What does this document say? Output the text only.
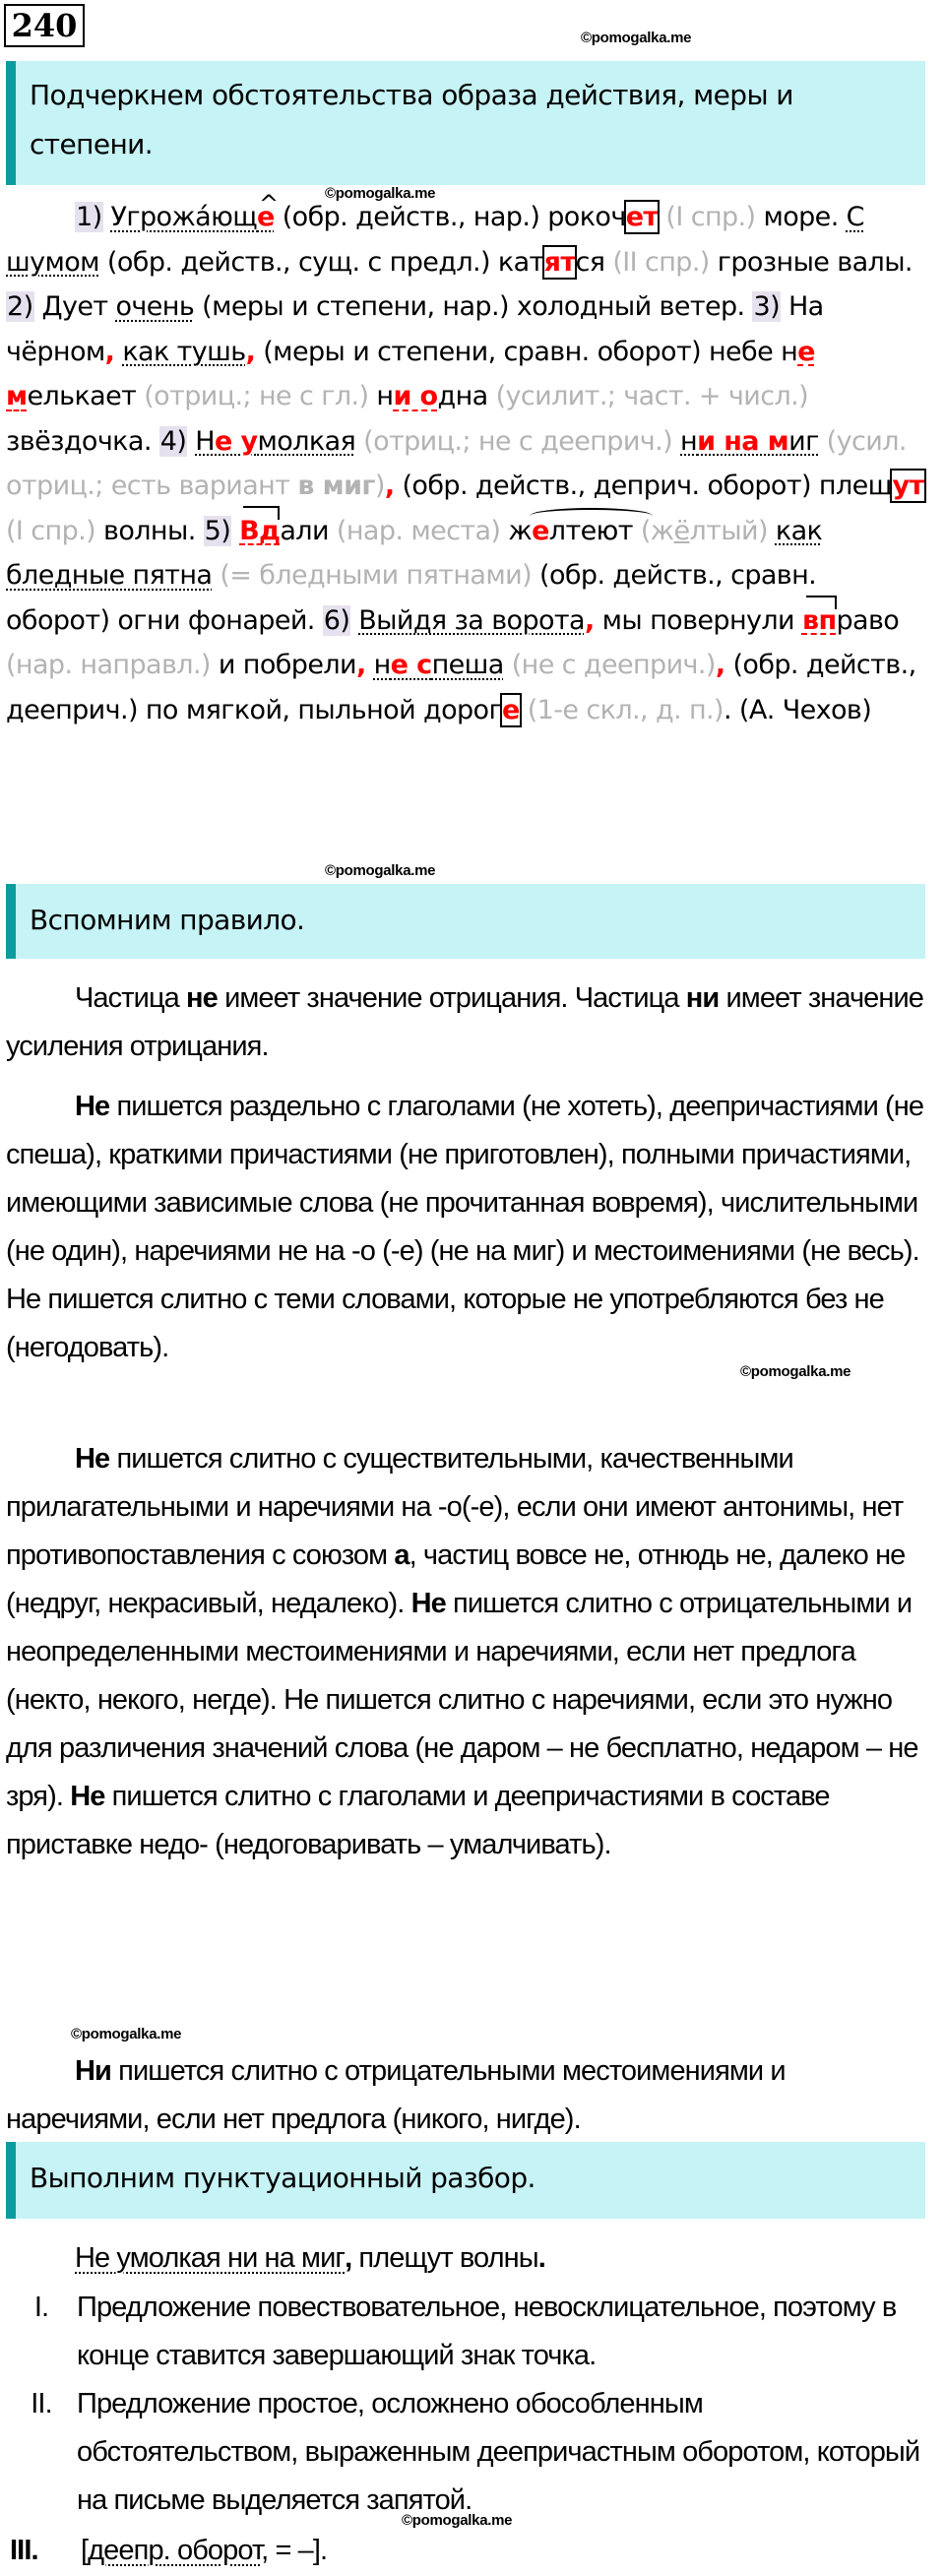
240	©pomogalka.me
Подчеркнем обстоятельства образа действия, меры и степени.
©pomogalka.me
1) Угрожа́ющ^ е (обр. действ., нар.) рокочет (I спр.) море. С шумом (обр. действ., сущ. с предл.) катятся (II спр.) грозные валы. 2) Дует очень (меры и степени, нар.) холодный ветер. 3) На чёрном, как тушь, (меры и степени, сравн. оборот) небе не мелькает (отриц.; не с гл.) ни одна (усилит.; част. + числ.) звёздочка. 4) Не умолкая (отриц.; не с дееприч.) ни на миг (усил. отриц.; есть вариант в миг), (обр. действ., деприч. оборот) плещут (I спр.) волны. 5) Вдали (нар. места) желтеют (жёлтый) как бледные пятна (= бледными пятнами) (обр. действ., сравн. оборот) огни фонарей. 6) Выйдя за ворота, мы повернули вправо (нар. направл.) и побрели, не спеша (не с дееприч.), (обр. действ., дееприч.) по мягкой, пыльной дороге (1-е скл., д. п.). (А. Чехов)
©pomogalka.me
Вспомним правило.
Частица не имеет значение отрицания. Частица ни имеет значение усиления отрицания.
Не пишется раздельно с глаголами (не хотеть), деепричастиями (не спеша), краткими причастиями (не приготовлен), полными причастиями, имеющими зависимые слова (не прочитанная вовремя), числительными (не один), наречиями не на -о (-е) (не на миг) и местоимениями (не весь). Не пишется слитно с теми словами, которые не употребляются без не (негодовать).
©pomogalka.me
Не пишется слитно с существительными, качественными прилагательными и наречиями на -о(-е), если они имеют антонимы, нет противопоставления с союзом а, частиц вовсе не, отнюдь не, далеко не (недруг, некрасивый, недалеко). Не пишется слитно с отрицательными и неопределенными местоимениями и наречиями, если нет предлога (некто, некого, негде). Не пишется слитно с наречиями, если это нужно для различения значений слова (не даром – не бесплатно, недаром – не зря). Не пишется слитно с глаголами и деепричастиями в составе приставке недо- (недоговаривать – умалчивать).
©pomogalka.me
Ни пишется слитно с отрицательными местоимениями и наречиями, если нет предлога (никого, нигде).
Выполним пунктуационный разбор.
Не умолкая ни на миг, плещут волны.
I. Предложение повествовательное, невосклицательное, поэтому в конце ставится завершающий знак точка.
II. Предложение простое, осложнено обособленным обстоятельством, выраженным деепричастным оборотом, который на письме выделяется запятой.
III.	[деепр. оборот, = –].
©pomogalka.me
